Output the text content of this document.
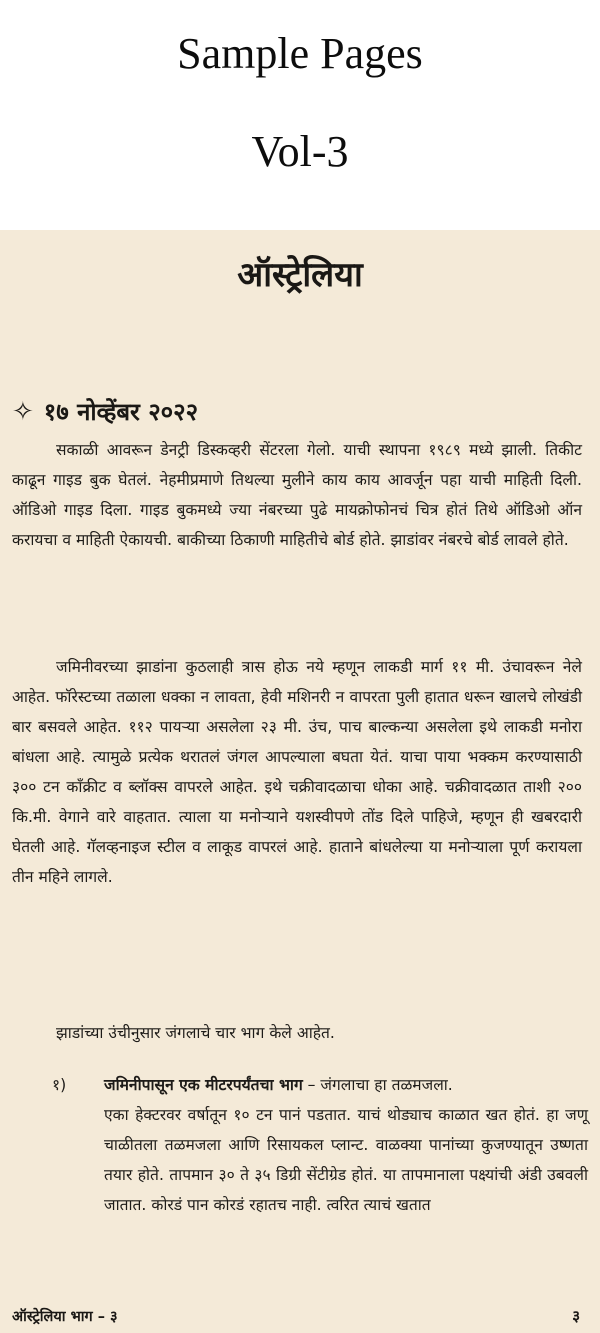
Sample Pages
Vol-3
ऑस्ट्रेलिया
✧ १७ नोव्हेंबर २०२२

सकाळी आवरून डेनट्री डिस्कव्हरी सेंटरला गेलो. याची स्थापना १९८९ मध्ये झाली. तिकीट काढून गाइड बुक घेतलं. नेहमीप्रमाणे तिथल्या मुलीने काय काय आवर्जून पहा याची माहिती दिली. ऑडिओ गाइड दिला. गाइड बुकमध्ये ज्या नंबरच्या पुढे मायक्रोफोनचं चित्र होतं तिथे ऑडिओ ऑन करायचा व माहिती ऐकायची. बाकीच्या ठिकाणी माहितीचे बोर्ड होते. झाडांवर नंबरचे बोर्ड लावले होते.

जमिनीवरच्या झाडांना कुठलाही त्रास होऊ नये म्हणून लाकडी मार्ग ११ मी. उंचावरून नेले आहेत. फॉरेस्टच्या तळाला धक्का न लावता, हेवी मशिनरी न वापरता पुली हातात धरून खालचे लोखंडी बार बसवले आहेत. ११२ पायऱ्या असलेला २३ मी. उंच, पाच बाल्कन्या असलेला इथे लाकडी मनोरा बांधला आहे. त्यामुळे प्रत्येक थरातलं जंगल आपल्याला बघता येतं. याचा पाया भक्कम करण्यासाठी ३०० टन काँक्रीट व ब्लॉक्स वापरले आहेत. इथे चक्रीवादळाचा धोका आहे. चक्रीवादळात ताशी २०० कि.मी. वेगाने वारे वाहतात. त्याला या मनोऱ्याने यशस्वीपणे तोंड दिले पाहिजे, म्हणून ही खबरदारी घेतली आहे. गॅलव्हनाइज स्टील व लाकूड वापरलं आहे. हाताने बांधलेल्या या मनोऱ्याला पूर्ण करायला तीन महिने लागले.

झाडांच्या उंचीनुसार जंगलाचे चार भाग केले आहेत.

१) जमिनीपासून एक मीटरपर्यंतचा भाग – जंगलाचा हा तळमजला.

एका हेक्टरवर वर्षातून १० टन पानं पडतात. याचं थोड्याच काळात खत होतं. हा जणू चाळीतला तळमजला आणि रिसायकल प्लान्ट. वाळक्या पानांच्या कुजण्यातून उष्णता तयार होते. तापमान ३० ते ३५ डिग्री सेंटीग्रेड होतं. या तापमानाला पक्ष्यांची अंडी उबवली जातात. कोरडं पान कोरडं रहातच नाही. त्वरित त्याचं खतात

ऑस्ट्रेलिया भाग – ३	३
